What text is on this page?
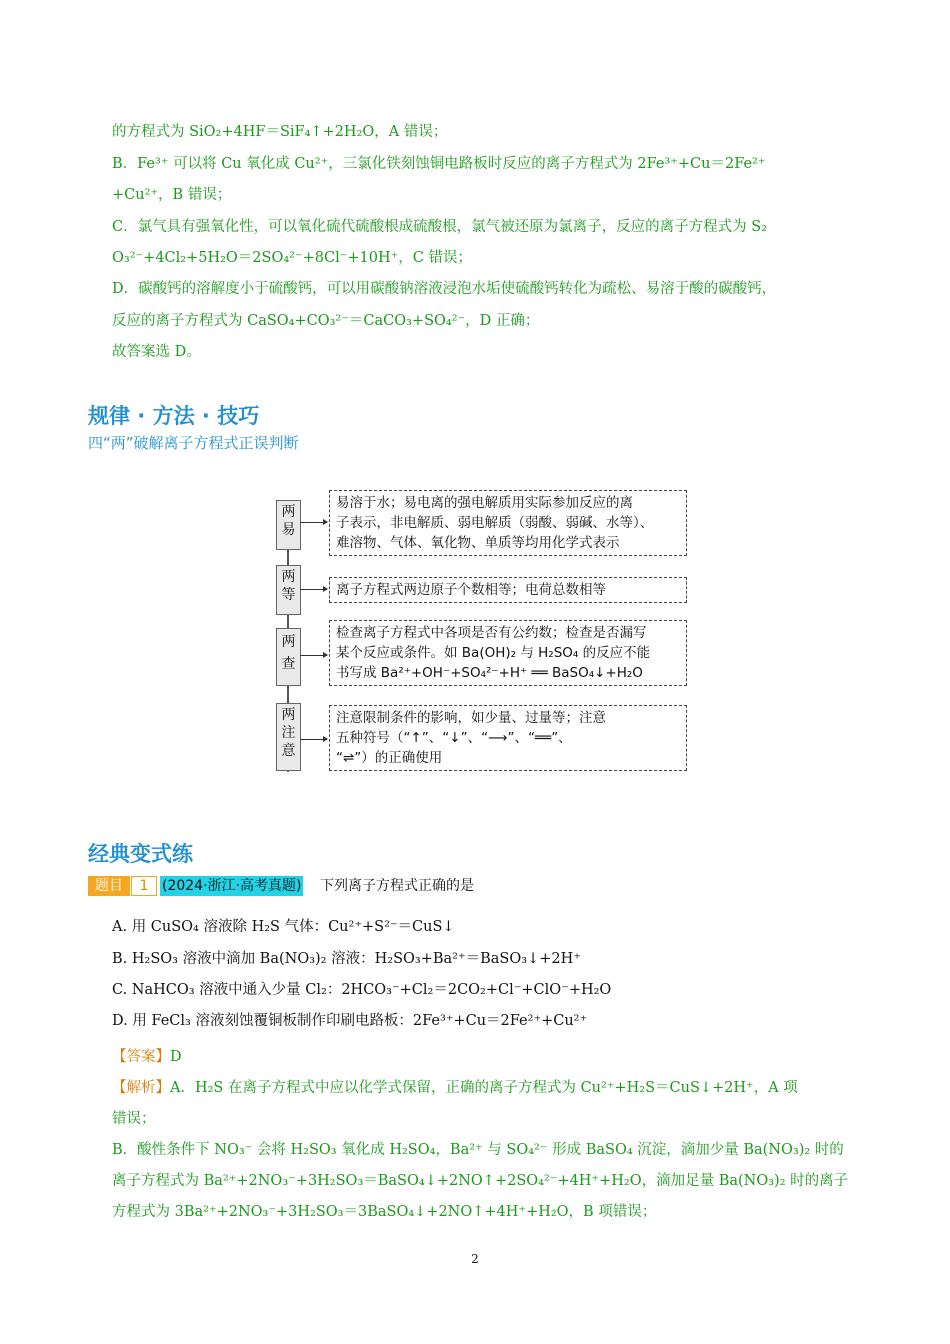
的方程式为 SiO₂+4HF＝SiF₄↑+2H₂O，A 错误；
B．Fe³⁺ 可以将 Cu 氧化成 Cu²⁺，三氯化铁刻蚀铜电路板时反应的离子方程式为 2Fe³⁺+Cu＝2Fe²⁺
+Cu²⁺，B 错误；
C．氯气具有强氧化性，可以氧化硫代硫酸根成硫酸根，氯气被还原为氯离子，反应的离子方程式为 S₂
O₃²⁻+4Cl₂+5H₂O＝2SO₄²⁻+8Cl⁻+10H⁺，C 错误；
D．碳酸钙的溶解度小于硫酸钙，可以用碳酸钠溶液浸泡水垢使硫酸钙转化为疏松、易溶于酸的碳酸钙，
反应的离子方程式为 CaSO₄+CO₃²⁻＝CaCO₃+SO₄²⁻，D 正确；
故答案选 D。
规律 · 方法 · 技巧
四“两”破解离子方程式正误判断
两
易
易溶于水；易电离的强电解质用实际参加反应的离
子表示，非电解质、弱电解质（弱酸、弱碱、水等）、
难溶物、气体、氧化物、单质等均用化学式表示
两
等	离子方程式两边原子个数相等；电荷总数相等
两
查
检查离子方程式中各项是否有公约数；检查是否漏写
某个反应或条件。如 Ba(OH)₂ 与 H₂SO₄ 的反应不能
书写成 Ba²⁺+OH⁻+SO₄²⁻+H⁺ ══ BaSO₄↓+H₂O
两
注
意
注意限制条件的影响，如少量、过量等；注意
五种符号（“↑”、“↓”、“⟶”、“══”、
“⇌”）的正确使用
经典变式练
题目	1 (2024·浙江·高考真题) 下列离子方程式正确的是
A. 用 CuSO₄ 溶液除 H₂S 气体：Cu²⁺+S²⁻＝CuS↓
B. H₂SO₃ 溶液中滴加 Ba(NO₃)₂ 溶液：H₂SO₃+Ba²⁺＝BaSO₃↓+2H⁺
C. NaHCO₃ 溶液中通入少量 Cl₂：2HCO₃⁻+Cl₂＝2CO₂+Cl⁻+ClO⁻+H₂O
D. 用 FeCl₃ 溶液刻蚀覆铜板制作印刷电路板：2Fe³⁺+Cu＝2Fe²⁺+Cu²⁺
【答案】D
【解析】A．H₂S 在离子方程式中应以化学式保留，正确的离子方程式为 Cu²⁺+H₂S＝CuS↓+2H⁺，A 项
错误；
B．酸性条件下 NO₃⁻ 会将 H₂SO₃ 氧化成 H₂SO₄，Ba²⁺ 与 SO₄²⁻ 形成 BaSO₄ 沉淀，滴加少量 Ba(NO₃)₂ 时的
离子方程式为 Ba²⁺+2NO₃⁻+3H₂SO₃＝BaSO₄↓+2NO↑+2SO₄²⁻+4H⁺+H₂O，滴加足量 Ba(NO₃)₂ 时的离子
方程式为 3Ba²⁺+2NO₃⁻+3H₂SO₃＝3BaSO₄↓+2NO↑+4H⁺+H₂O，B 项错误；
2
